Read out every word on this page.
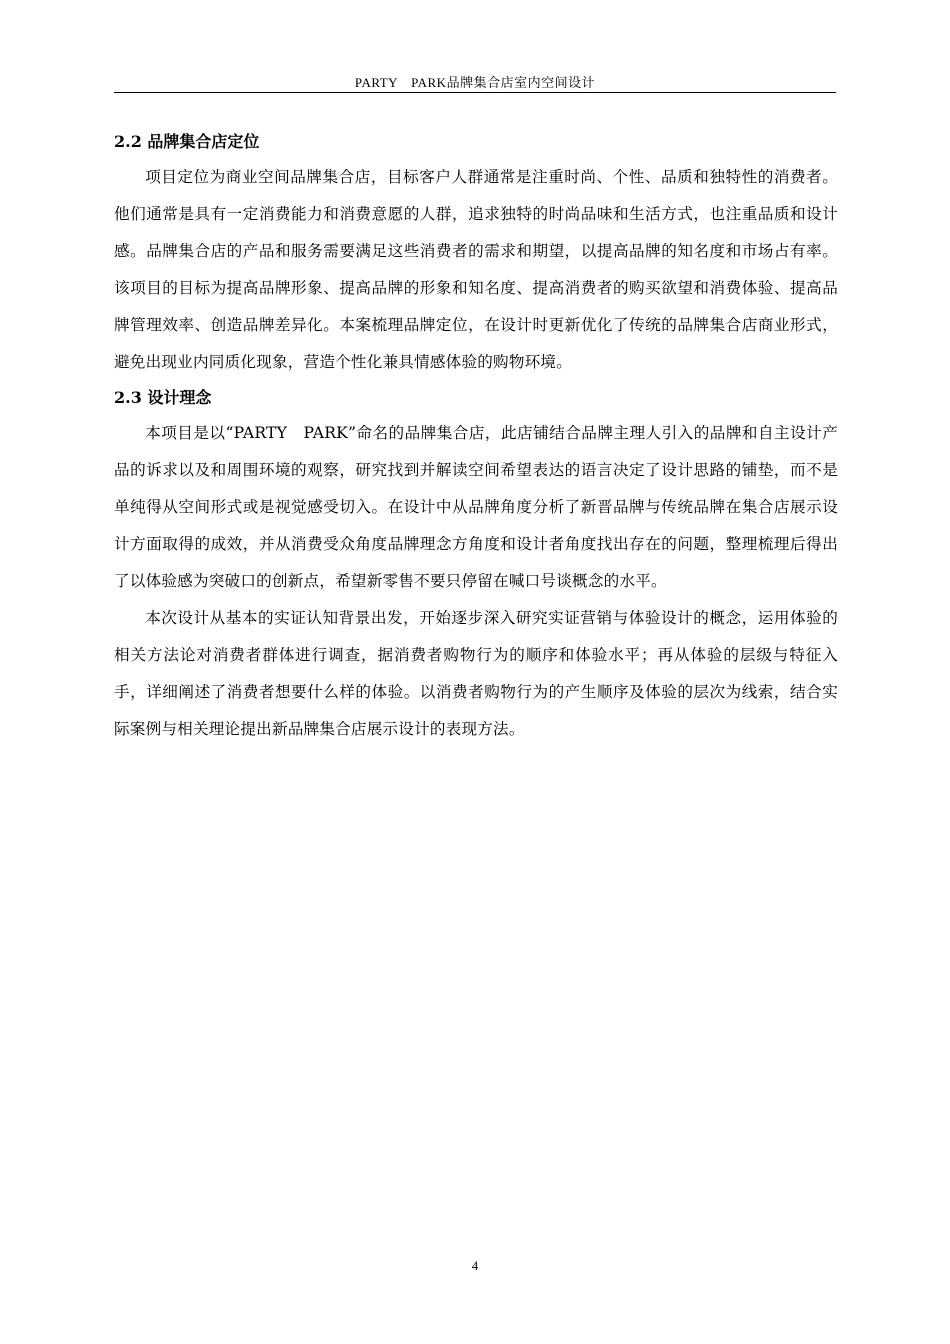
PARTY　PARK品牌集合店室内空间设计
2.2 品牌集合店定位

项目定位为商业空间品牌集合店，目标客户人群通常是注重时尚、个性、品质和独特性的消费者。他们通常是具有一定消费能力和消费意愿的人群，追求独特的时尚品味和生活方式，也注重品质和设计感。品牌集合店的产品和服务需要满足这些消费者的需求和期望，以提高品牌的知名度和市场占有率。该项目的目标为提高品牌形象、提高品牌的形象和知名度、提高消费者的购买欲望和消费体验、提高品牌管理效率、创造品牌差异化。本案梳理品牌定位，在设计时更新优化了传统的品牌集合店商业形式，避免出现业内同质化现象，营造个性化兼具情感体验的购物环境。

2.3 设计理念

本项目是以“PARTY　PARK”命名的品牌集合店，此店铺结合品牌主理人引入的品牌和自主设计产品的诉求以及和周围环境的观察，研究找到并解读空间希望表达的语言决定了设计思路的铺垫，而不是单纯得从空间形式或是视觉感受切入。在设计中从品牌角度分析了新晋品牌与传统品牌在集合店展示设计方面取得的成效，并从消费受众角度品牌理念方角度和设计者角度找出存在的问题，整理梳理后得出了以体验感为突破口的创新点，希望新零售不要只停留在喊口号谈概念的水平。

本次设计从基本的实证认知背景出发，开始逐步深入研究实证营销与体验设计的概念，运用体验的相关方法论对消费者群体进行调查，据消费者购物行为的顺序和体验水平；再从体验的层级与特征入手，详细阐述了消费者想要什么样的体验。以消费者购物行为的产生顺序及体验的层次为线索，结合实际案例与相关理论提出新品牌集合店展示设计的表现方法。

4
